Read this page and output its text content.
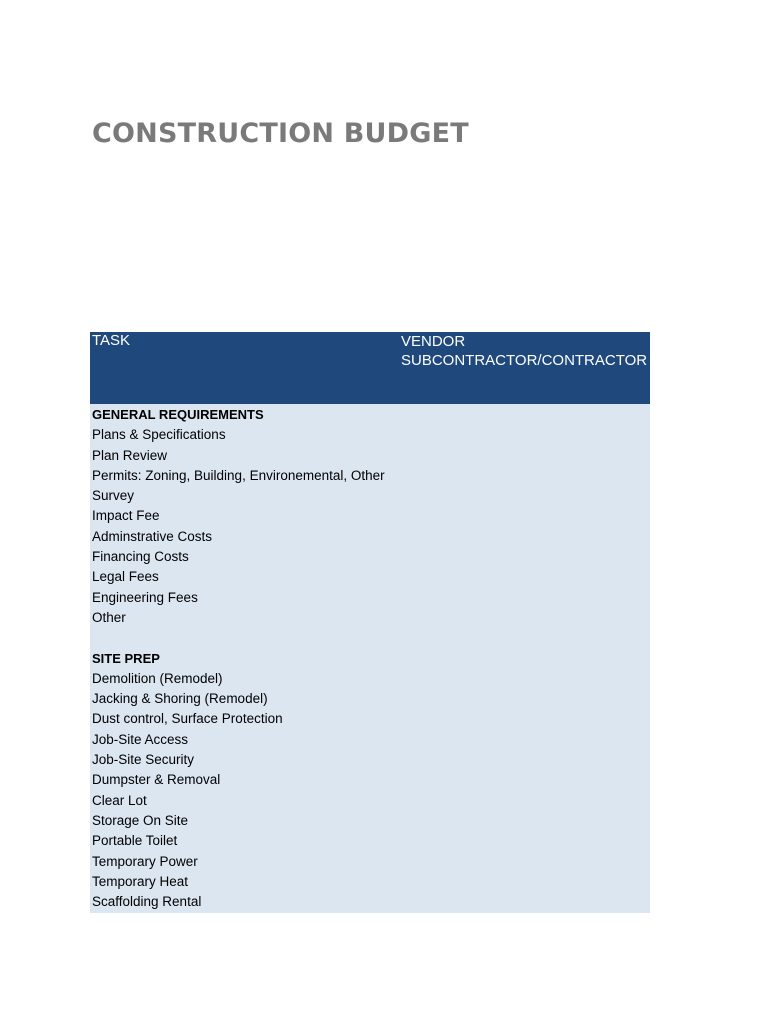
CONSTRUCTION BUDGET
TASK	VENDOR
SUBCONTRACTOR/CONTRACTOR
GENERAL REQUIREMENTS
Plans & Specifications
Plan Review
Permits: Zoning, Building, Environemental, Other
Survey
Impact Fee
Adminstrative Costs
Financing Costs
Legal Fees
Engineering Fees
Other
SITE PREP
Demolition (Remodel)
Jacking & Shoring (Remodel)
Dust control, Surface Protection
Job-Site Access
Job-Site Security
Dumpster & Removal
Clear Lot
Storage On Site
Portable Toilet
Temporary Power
Temporary Heat
Scaffolding Rental
